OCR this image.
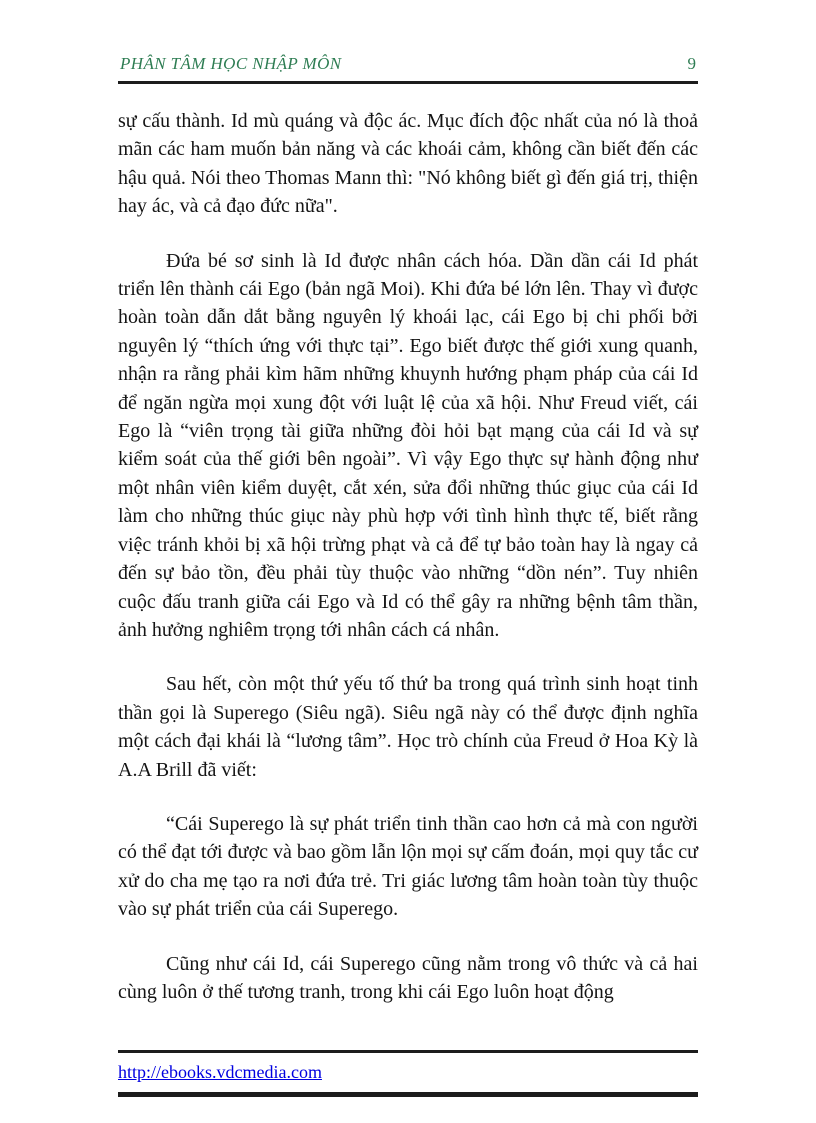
PHÂN TÂM HỌC NHẬP MÔN	9

sự cấu thành. Id mù quáng và độc ác. Mục đích độc nhất của nó là thoả mãn các ham muốn bản năng và các khoái cảm, không cần biết đến các hậu quả. Nói theo Thomas Mann thì: "Nó không biết gì đến giá trị, thiện hay ác, và cả đạo đức nữa".

Đứa bé sơ sinh là Id được nhân cách hóa. Dần dần cái Id phát triển lên thành cái Ego (bản ngã Moi). Khi đứa bé lớn lên. Thay vì được hoàn toàn dẫn dắt bằng nguyên lý khoái lạc, cái Ego bị chi phối bởi nguyên lý “thích ứng với thực tại”. Ego biết được thế giới xung quanh, nhận ra rằng phải kìm hãm những khuynh hướng phạm pháp của cái Id để ngăn ngừa mọi xung đột với luật lệ của xã hội. Như Freud viết, cái Ego là “viên trọng tài giữa những đòi hỏi bạt mạng của cái Id và sự kiểm soát của thế giới bên ngoài”. Vì vậy Ego thực sự hành động như một nhân viên kiểm duyệt, cắt xén, sửa đổi những thúc giục của cái Id làm cho những thúc giục này phù hợp với tình hình thực tế, biết rằng việc tránh khỏi bị xã hội trừng phạt và cả để tự bảo toàn hay là ngay cả đến sự bảo tồn, đều phải tùy thuộc vào những “dồn nén”. Tuy nhiên cuộc đấu tranh giữa cái Ego và Id có thể gây ra những bệnh tâm thần, ảnh hưởng nghiêm trọng tới nhân cách cá nhân.

Sau hết, còn một thứ yếu tố thứ ba trong quá trình sinh hoạt tinh thần gọi là Superego (Siêu ngã). Siêu ngã này có thể được định nghĩa một cách đại khái là “lương tâm”. Học trò chính của Freud ở Hoa Kỳ là A.A Brill đã viết:

“Cái Superego là sự phát triển tinh thần cao hơn cả mà con người có thể đạt tới được và bao gồm lẫn lộn mọi sự cấm đoán, mọi quy tắc cư xử do cha mẹ tạo ra nơi đứa trẻ. Tri giác lương tâm hoàn toàn tùy thuộc vào sự phát triển của cái Superego.

Cũng như cái Id, cái Superego cũng nằm trong vô thức và cả hai cùng luôn ở thế tương tranh, trong khi cái Ego luôn hoạt động

http://ebooks.vdcmedia.com
